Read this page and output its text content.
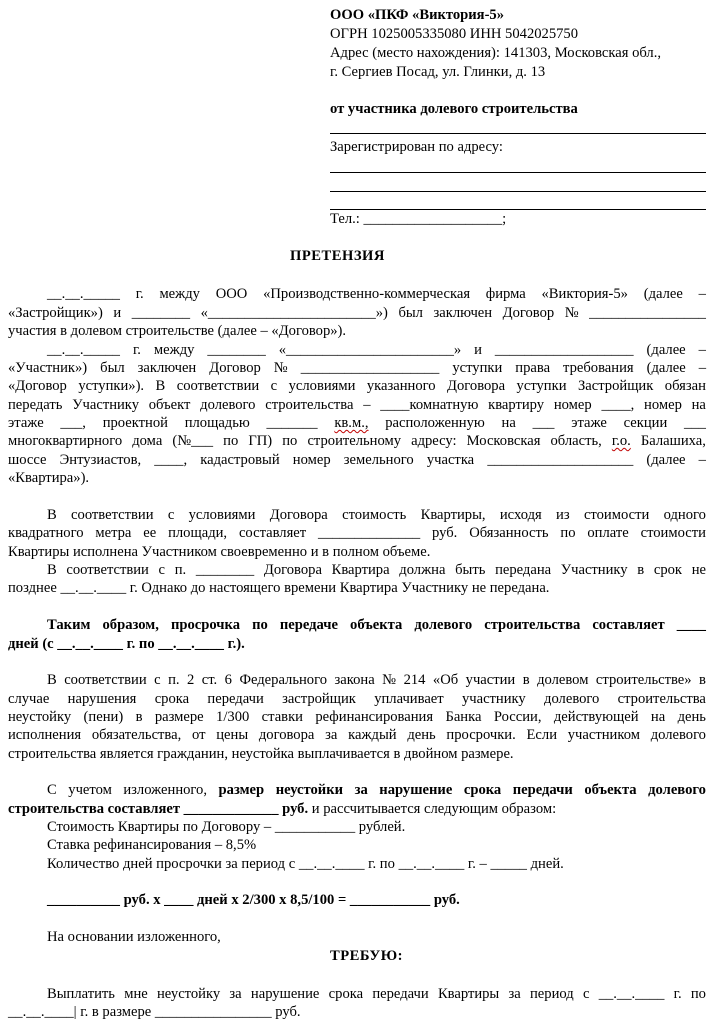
ООО «ПКФ «Виктория-5»
ОГРН 1025005335080 ИНН 5042025750
Адрес (место нахождения): 141303, Московская обл.,
г. Сергиев Посад, ул. Глинки, д. 13
от участника долевого строительства
Зарегистрирован по адресу:
Тел.: ___________________;
ПРЕТЕНЗИЯ
__.__._____ г. между ООО «Производственно-коммерческая фирма «Виктория-5» (далее –
«Застройщик») и ________ «_______________________») был заключен Договор № ________________
участия в долевом строительстве (далее – «Договор»).
__.__._____ г. между ________ «_______________________» и ___________________ (далее –
«Участник») был заключен Договор № ___________________ уступки права требования (далее –
«Договор уступки»). В соответствии с условиями указанного Договора уступки Застройщик обязан
передать Участнику объект долевого строительства – ____комнатную квартиру номер ____, номер на
этаже ___, проектной площадью _______ кв.м., расположенную на ___ этаже секции ___
многоквартирного дома (№___ по ГП) по строительному адресу: Московская область, г.о. Балашиха,
шоссе Энтузиастов, ____, кадастровый номер земельного участка ____________________ (далее –
«Квартира»).
В соответствии с условиями Договора стоимость Квартиры, исходя из стоимости одного
квадратного метра ее площади, составляет ______________ руб. Обязанность по оплате стоимости
Квартиры исполнена Участником своевременно и в полном объеме.
В соответствии с п. ________ Договора Квартира должна быть передана Участнику в срок не
позднее __.__.____ г. Однако до настоящего времени Квартира Участнику не передана.
Таким образом, просрочка по передаче объекта долевого строительства составляет ____
дней (с __.__.____ г. по __.__.____ г.).
В соответствии с п. 2 ст. 6 Федерального закона № 214 «Об участии в долевом строительстве» в
случае нарушения срока передачи застройщик уплачивает участнику долевого строительства
неустойку (пени) в размере 1/300 ставки рефинансирования Банка России, действующей на день
исполнения обязательства, от цены договора за каждый день просрочки. Если участником долевого
строительства является гражданин, неустойка выплачивается в двойном размере.
С учетом изложенного, размер неустойки за нарушение срока передачи объекта долевого
строительства составляет _____________ руб. и рассчитывается следующим образом:
Стоимость Квартиры по Договору – ___________ рублей.
Ставка рефинансирования – 8,5%
Количество дней просрочки за период с __.__.____ г. по __.__.____ г. – _____ дней.
__________ руб. х ____ дней х 2/300 х 8,5/100 = ___________ руб.
На основании изложенного,
ТРЕБУЮ:
Выплатить мне неустойку за нарушение срока передачи Квартиры за период с __.__.____ г. по
__.__.____| г. в размере ________________ руб.
